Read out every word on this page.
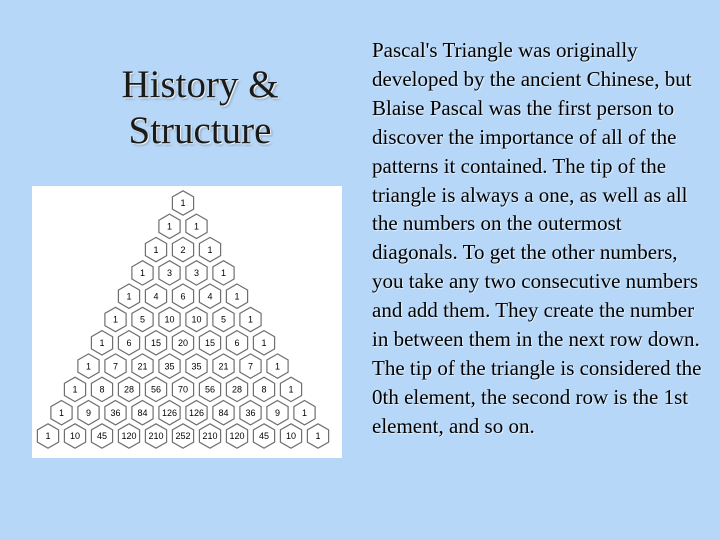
History &
Structure
1
1 1
1 2 1
1 3 3 1
1 4 6 4 1
1 5 10 10 5 1
1 6 15 20 15 6 1
1 7 21 35 35 21 7 1
1 8 28 56 70 56 28 8 1
1 9 36 84 126 126 84 36 9 1
1 10 45 120 210 252 210 120 45 10 1
Pascal's Triangle was originally developed by the ancient Chinese, but Blaise Pascal was the first person to discover the importance of all of the patterns it contained. The tip of the triangle is always a one, as well as all the numbers on the outermost diagonals. To get the other numbers, you take any two consecutive numbers and add them. They create the number in between them in the next row down. The tip of the triangle is considered the 0th element, the second row is the 1st element, and so on.
